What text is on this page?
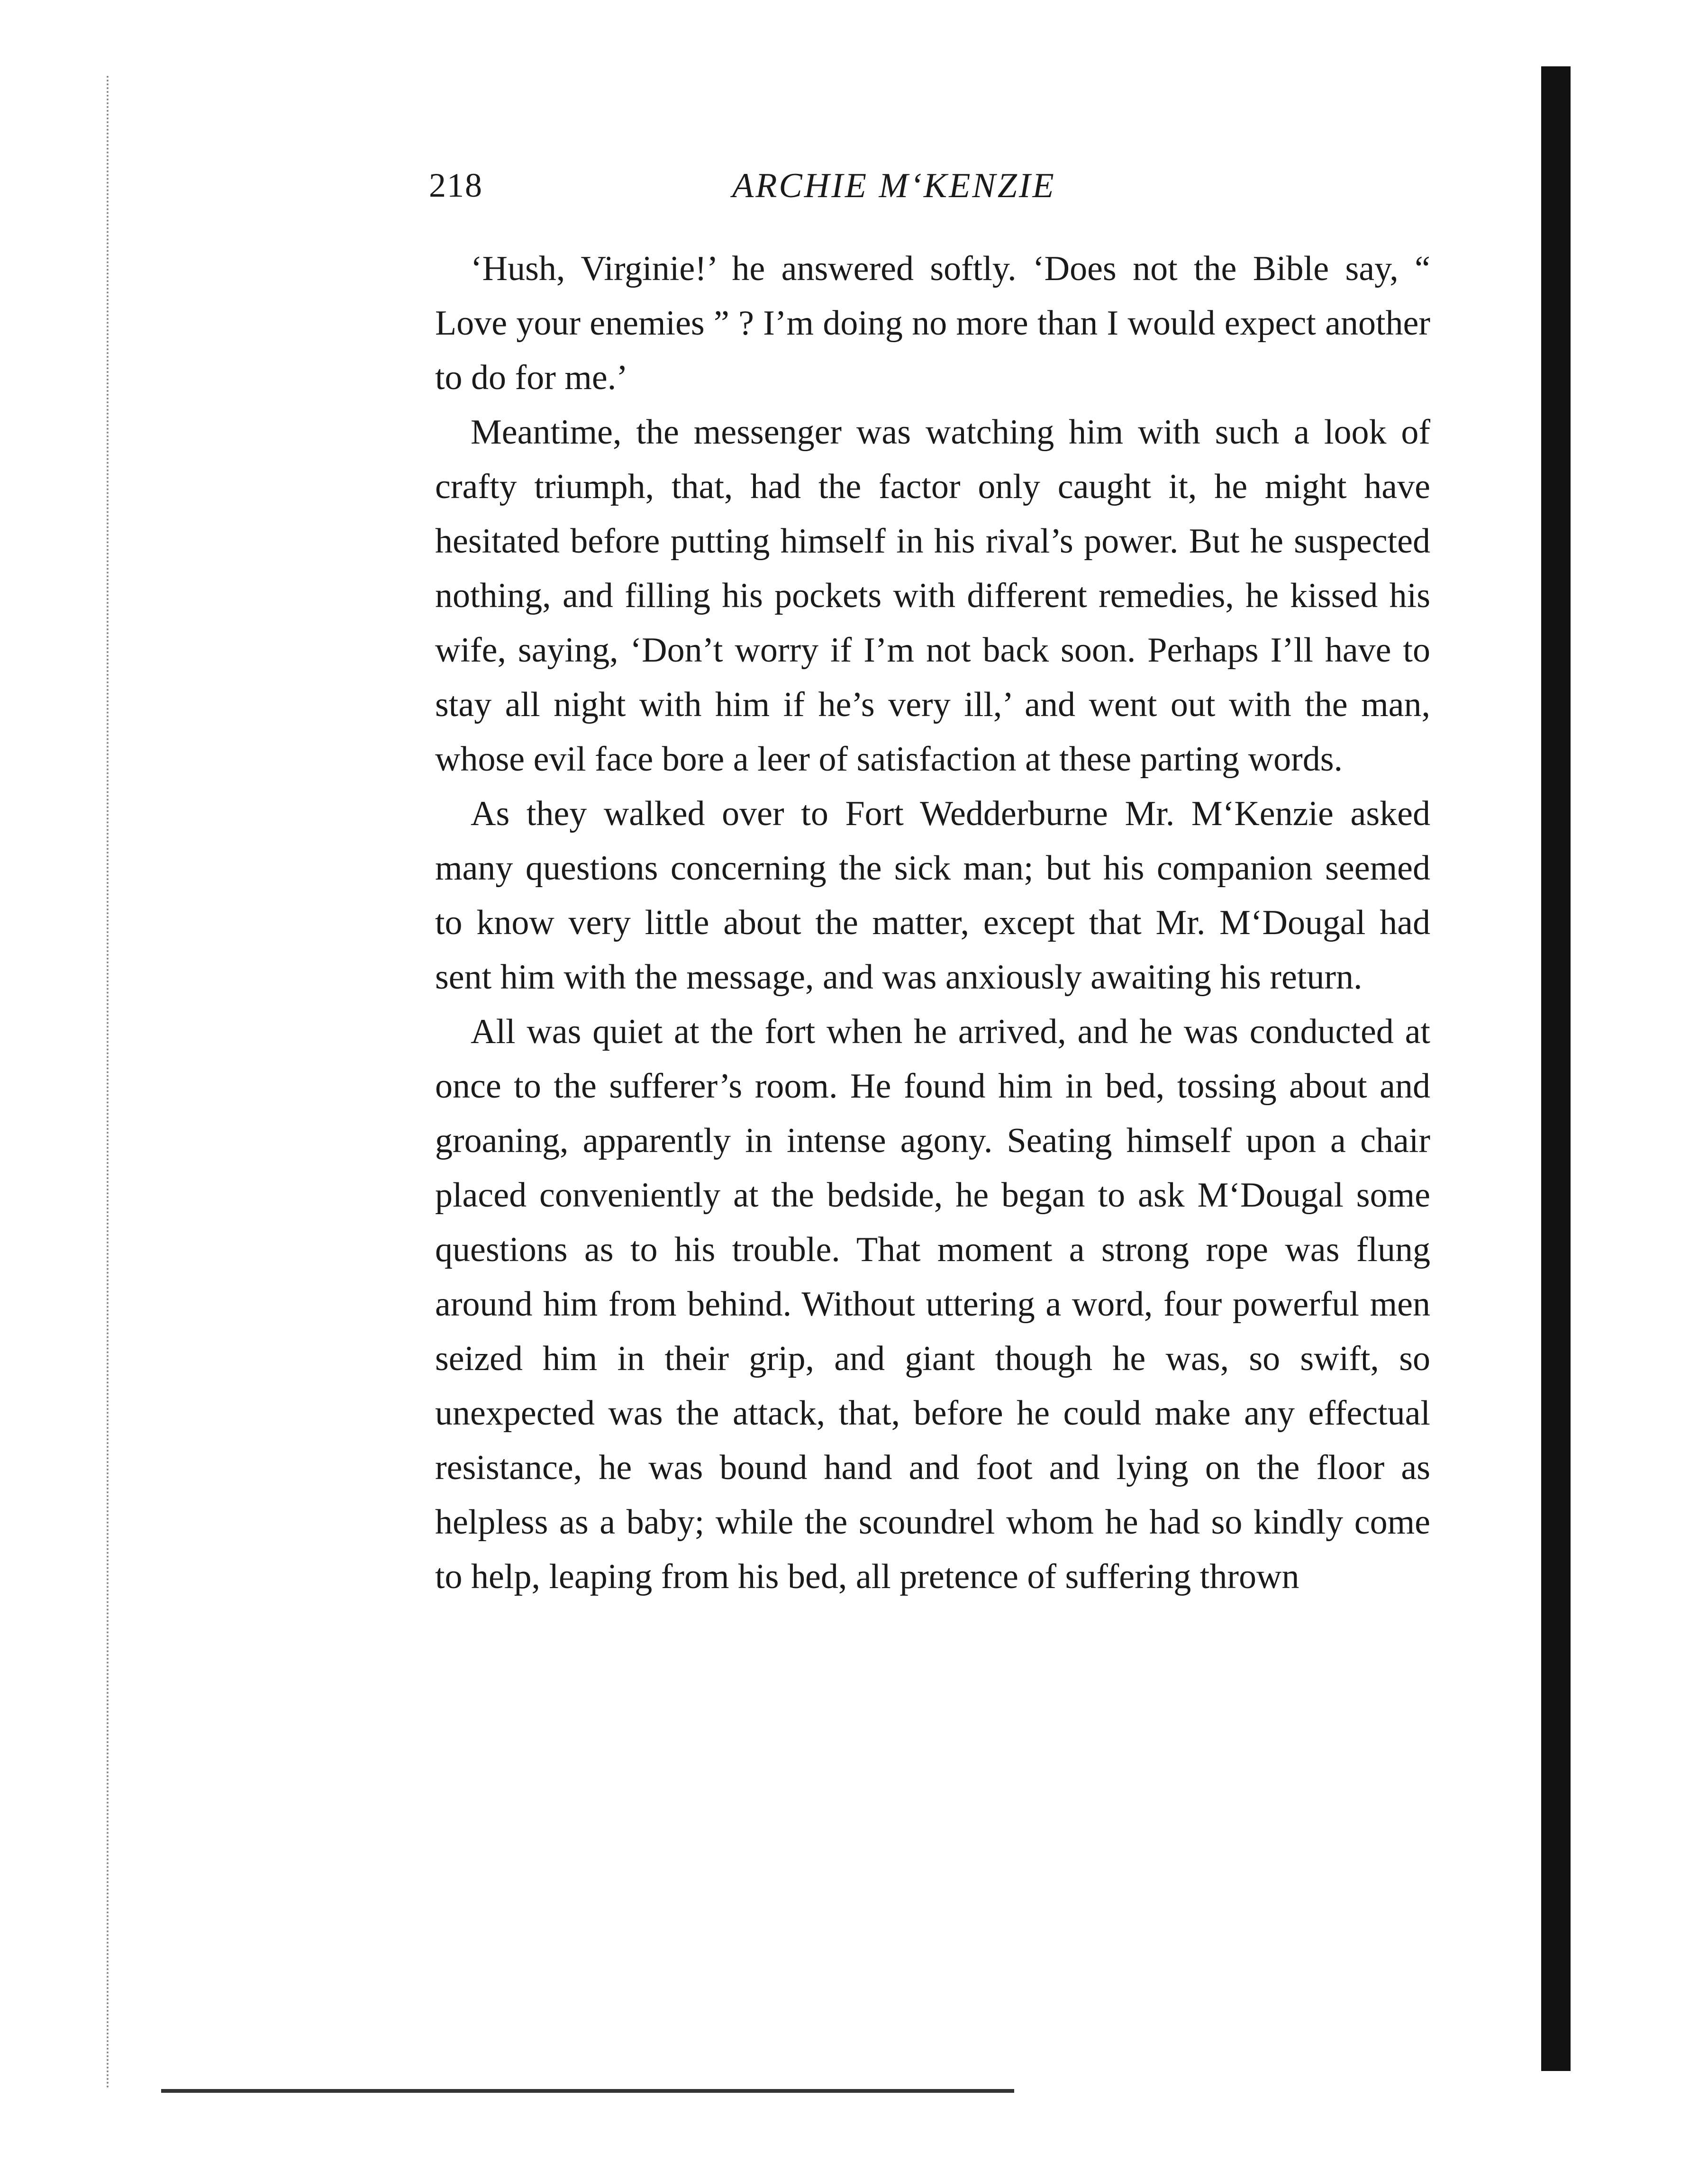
218	ARCHIE M‘KENZIE

‘Hush, Virginie!’ he answered softly. ‘Does not the Bible say, “ Love your enemies ” ? I’m doing no more than I would expect another to do for me.’

Meantime, the messenger was watching him with such a look of crafty triumph, that, had the factor only caught it, he might have hesitated before putting himself in his rival’s power. But he suspected nothing, and filling his pockets with different remedies, he kissed his wife, saying, ‘Don’t worry if I’m not back soon. Perhaps I’ll have to stay all night with him if he’s very ill,’ and went out with the man, whose evil face bore a leer of satisfaction at these parting words.

As they walked over to Fort Wedderburne Mr. M‘Kenzie asked many questions concerning the sick man; but his companion seemed to know very little about the matter, except that Mr. M‘Dougal had sent him with the message, and was anxiously awaiting his return.

All was quiet at the fort when he arrived, and he was conducted at once to the sufferer’s room. He found him in bed, tossing about and groaning, apparently in intense agony. Seating himself upon a chair placed conveniently at the bedside, he began to ask M‘Dougal some questions as to his trouble. That moment a strong rope was flung around him from behind. Without uttering a word, four powerful men seized him in their grip, and giant though he was, so swift, so unexpected was the attack, that, before he could make any effectual resistance, he was bound hand and foot and lying on the floor as helpless as a baby; while the scoundrel whom he had so kindly come to help, leaping from his bed, all pretence of suffering thrown
